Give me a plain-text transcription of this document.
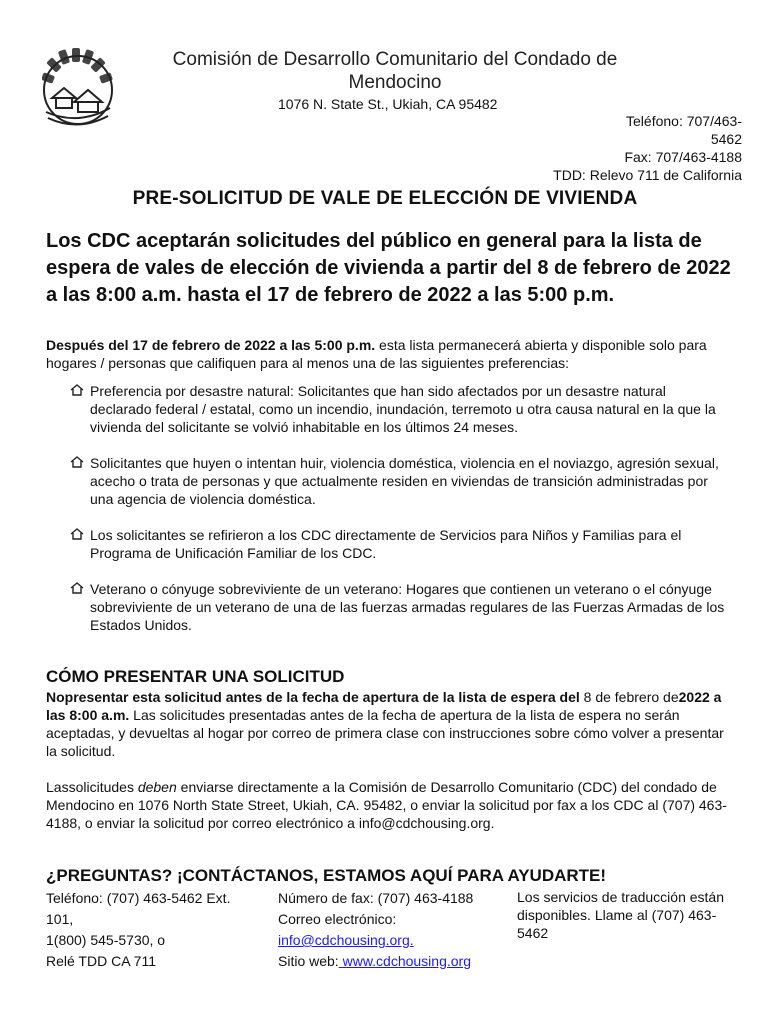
Comisión de Desarrollo Comunitario del Condado de Mendocino
1076 N. State St., Ukiah, CA 95482
Teléfono: 707/463-
5462
Fax: 707/463-4188
TDD: Relevo 711 de California
PRE-SOLICITUD DE VALE DE ELECCIÓN DE VIVIENDA
Los CDC aceptarán solicitudes del público en general para la lista de espera de vales de elección de vivienda a partir del 8 de febrero de 2022 a las 8:00 a.m. hasta el 17 de febrero de 2022 a las 5:00 p.m.
Después del 17 de febrero de 2022 a las 5:00 p.m. esta lista permanecerá abierta y disponible solo para hogares / personas que califiquen para al menos una de las siguientes preferencias:
Preferencia por desastre natural: Solicitantes que han sido afectados por un desastre natural declarado federal / estatal, como un incendio, inundación, terremoto u otra causa natural en la que la vivienda del solicitante se volvió inhabitable en los últimos 24 meses.
Solicitantes que huyen o intentan huir, violencia doméstica, violencia en el noviazgo, agresión sexual, acecho o trata de personas y que actualmente residen en viviendas de transición administradas por una agencia de violencia doméstica.
Los solicitantes se refirieron a los CDC directamente de Servicios para Niños y Familias para el Programa de Unificación Familiar de los CDC.
Veterano o cónyuge sobreviviente de un veterano: Hogares que contienen un veterano o el cónyuge sobreviviente de un veterano de una de las fuerzas armadas regulares de las Fuerzas Armadas de los Estados Unidos.
CÓMO PRESENTAR UNA SOLICITUD
Nopresentar esta solicitud antes de la fecha de apertura de la lista de espera del 8 de febrero de2022 a las 8:00 a.m. Las solicitudes presentadas antes de la fecha de apertura de la lista de espera no serán aceptadas, y devueltas al hogar por correo de primera clase con instrucciones sobre cómo volver a presentar la solicitud.
Lassolicitudes deben enviarse directamente a la Comisión de Desarrollo Comunitario (CDC) del condado de Mendocino en 1076 North State Street, Ukiah, CA. 95482, o enviar la solicitud por fax a los CDC al (707) 463-4188, o enviar la solicitud por correo electrónico a info@cdchousing.org.
¿PREGUNTAS? ¡CONTÁCTANOS, ESTAMOS AQUÍ PARA AYUDARTE!
Teléfono: (707) 463-5462 Ext.
101,
1(800) 545-5730, o
Relé TDD CA 711
Número de fax: (707) 463-4188
Correo electrónico:
info@cdchousing.org.
Sitio web: www.cdchousing.org
Los servicios de traducción están disponibles. Llame al (707) 463-5462
